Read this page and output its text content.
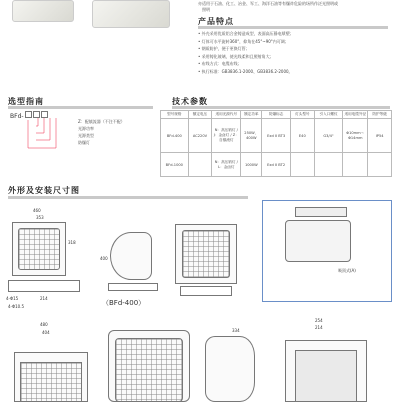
亦适用于石油、化工、冶金、军工、海洋石油等有爆炸危险的场所作泛光照明或
照明
产品特点
• 外壳采用优质铝合金铸造成型，表面高压静电喷塑；
• 灯体可水平旋转360°，仰角在45°~90°内可调；
• 钢质防护，便于更换灯管；
• 采用铸化玻璃，使光线柔和且照射角大；
• 布线方式：电缆布线；
• 执行标准：GB3836.1-2000、GB3836.2-2000。
选型指南
BFd-
Z：配镇流器（不注不配）
光源功率
光源类型
防爆灯
技术参数
型号规格	额定电压	适用光源代号	额定功率	防爆标志	灯头型号	引入口螺纹	适用电缆外径	防护等级
BFd-400	AC220V	N：高压钠灯 / J：金卤灯 / Z：自镇流灯	250W、400W	Exd II BT3	E40	G3/4"	Φ10mm～Φ14mm	IP54
BFd-1000		N：高压钠灯 / L：金卤灯	1000W	Exd II BT2				
外形及安装尺寸图
460
353
318
4-Φ15	214
4-Φ10.5
400
（BFd-400）
吸顶式(A)
480
404	334
254
214
